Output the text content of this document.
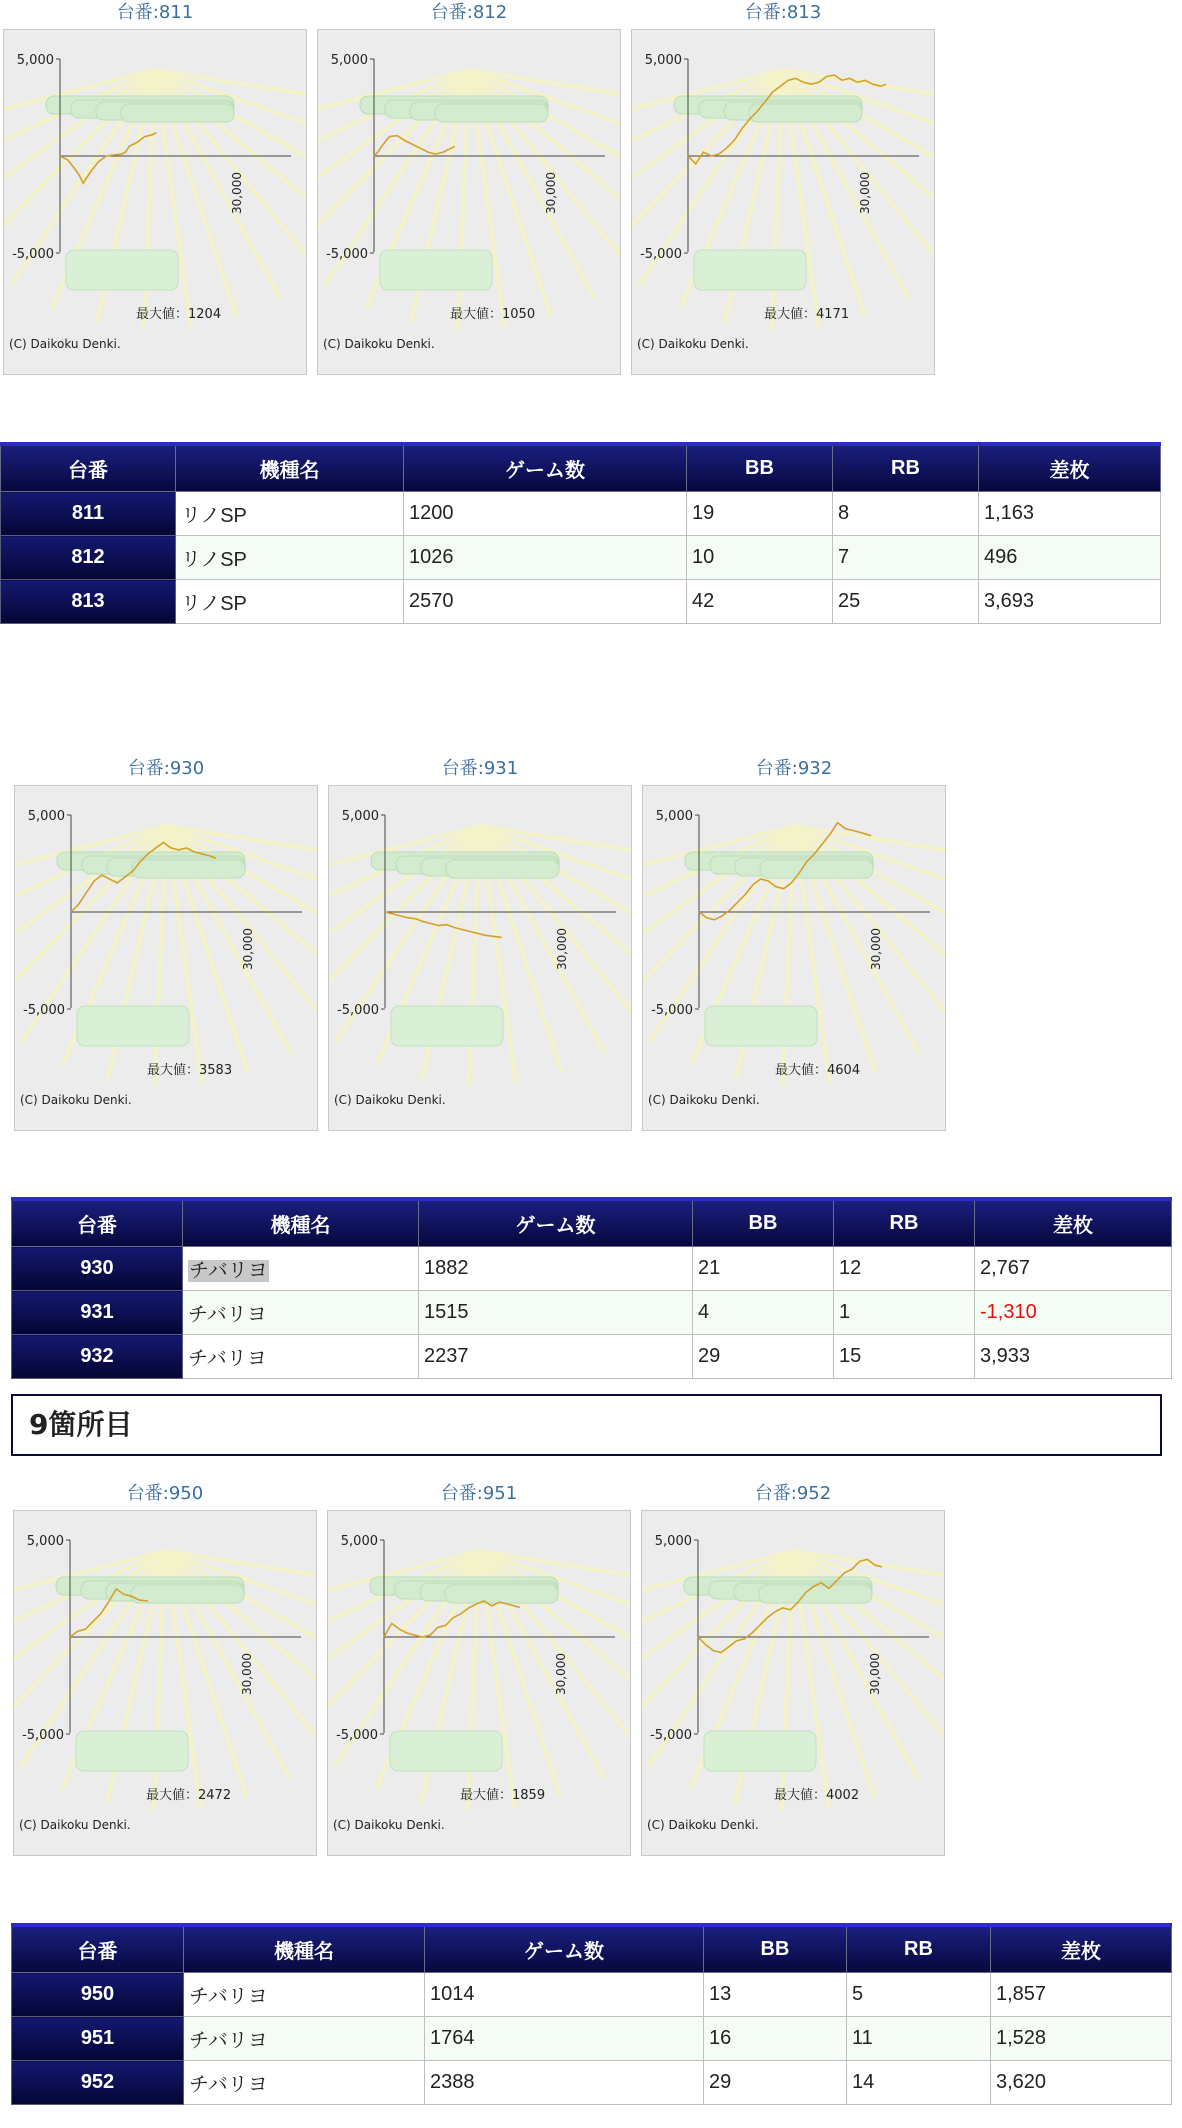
台番:811
5,000
-5,000
30,000
最大値：1204
(C) Daikoku Denki.
台番:812
5,000
-5,000
30,000
最大値：1050
(C) Daikoku Denki.
台番:813
5,000
-5,000
30,000
最大値：4171
(C) Daikoku Denki.
台番	機種名	ゲーム数	BB	RB	差枚
811	リノSP	1200	19	8	1,163
812	リノSP	1026	10	7	496
813	リノSP	2570	42	25	3,693
台番:930
5,000
-5,000
30,000
最大値：3583
(C) Daikoku Denki.
台番:931
5,000
-5,000
30,000
(C) Daikoku Denki.
台番:932
5,000
-5,000
30,000
最大値：4604
(C) Daikoku Denki.
台番	機種名	ゲーム数	BB	RB	差枚
930	チバリヨ	1882	21	12	2,767
931	チバリヨ	1515	4	1	-1,310
932	チバリヨ	2237	29	15	3,933
9箇所目
台番:950
5,000
-5,000
30,000
最大値：2472
(C) Daikoku Denki.
台番:951
5,000
-5,000
30,000
最大値：1859
(C) Daikoku Denki.
台番:952
5,000
-5,000
30,000
最大値：4002
(C) Daikoku Denki.
台番	機種名	ゲーム数	BB	RB	差枚
950	チバリヨ	1014	13	5	1,857
951	チバリヨ	1764	16	11	1,528
952	チバリヨ	2388	29	14	3,620
